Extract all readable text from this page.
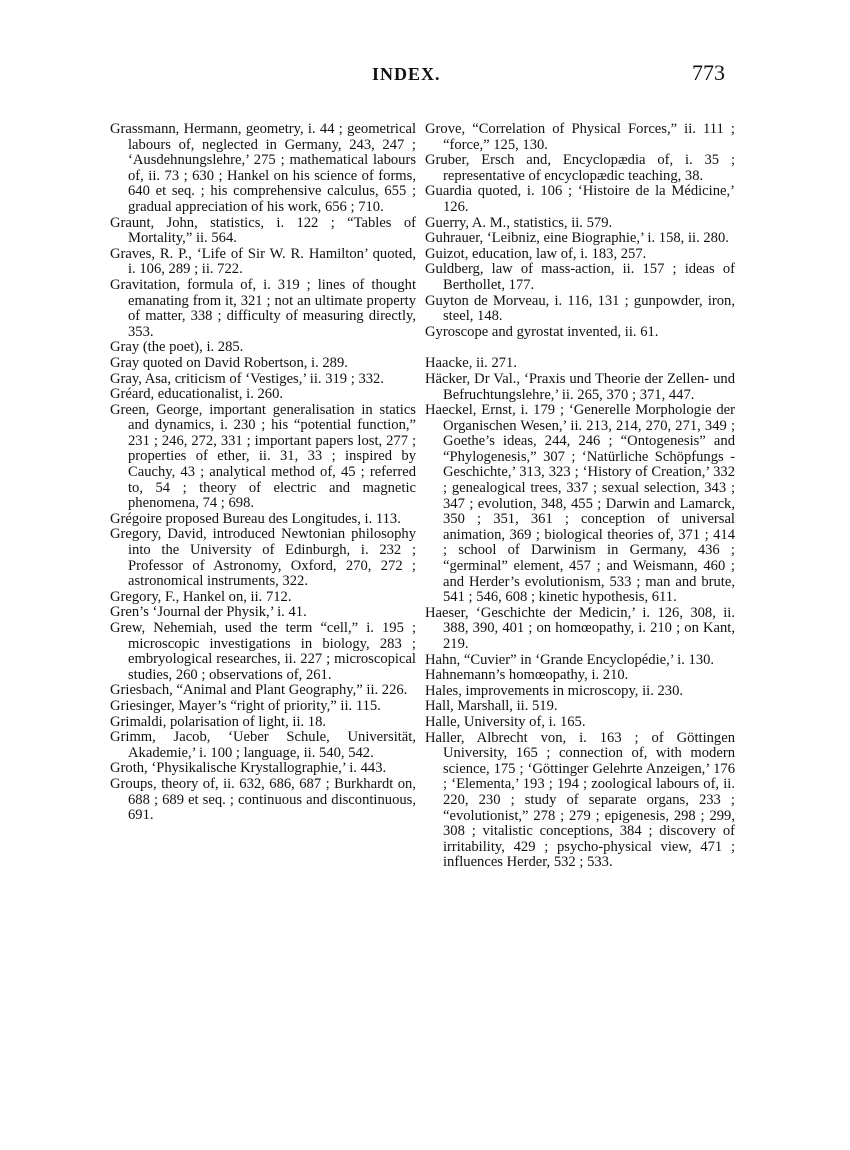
INDEX.	773

Grassmann, Hermann, geometry, i. 44 ; geometrical labours of, neglected in Germany, 243, 247 ; ‘Ausdehnungslehre,’ 275 ; mathematical labours of, ii. 73 ; 630 ; Hankel on his science of forms, 640 et seq. ; his comprehensive calculus, 655 ; gradual appreciation of his work, 656 ; 710.

Graunt, John, statistics, i. 122 ; “Tables of Mortality,” ii. 564.

Graves, R. P., ‘Life of Sir W. R. Hamilton’ quoted, i. 106, 289 ; ii. 722.

Gravitation, formula of, i. 319 ; lines of thought emanating from it, 321 ; not an ultimate property of matter, 338 ; difficulty of measuring directly, 353.

Gray (the poet), i. 285.

Gray quoted on David Robertson, i. 289.

Gray, Asa, criticism of ‘Vestiges,’ ii. 319 ; 332.

Gréard, educationalist, i. 260.

Green, George, important generalisation in statics and dynamics, i. 230 ; his “potential function,” 231 ; 246, 272, 331 ; important papers lost, 277 ; properties of ether, ii. 31, 33 ; inspired by Cauchy, 43 ; analytical method of, 45 ; referred to, 54 ; theory of electric and magnetic phenomena, 74 ; 698.

Grégoire proposed Bureau des Longitudes, i. 113.

Gregory, David, introduced Newtonian philosophy into the University of Edinburgh, i. 232 ; Professor of Astronomy, Oxford, 270, 272 ; astronomical instruments, 322.

Gregory, F., Hankel on, ii. 712.

Gren’s ‘Journal der Physik,’ i. 41.

Grew, Nehemiah, used the term “cell,” i. 195 ; microscopic investigations in biology, 283 ; embryological researches, ii. 227 ; microscopical studies, 260 ; observations of, 261.

Griesbach, “Animal and Plant Geography,” ii. 226.

Griesinger, Mayer’s “right of priority,” ii. 115.

Grimaldi, polarisation of light, ii. 18.

Grimm, Jacob, ‘Ueber Schule, Universität, Akademie,’ i. 100 ; language, ii. 540, 542.

Groth, ‘Physikalische Krystallographie,’ i. 443.

Groups, theory of, ii. 632, 686, 687 ; Burkhardt on, 688 ; 689 et seq. ; continuous and discontinuous, 691.

Grove, “Correlation of Physical Forces,” ii. 111 ; “force,” 125, 130.

Gruber, Ersch and, Encyclopædia of, i. 35 ; representative of encyclopædic teaching, 38.

Guardia quoted, i. 106 ; ‘Histoire de la Médicine,’ 126.

Guerry, A. M., statistics, ii. 579.

Guhrauer, ‘Leibniz, eine Biographie,’ i. 158, ii. 280.

Guizot, education, law of, i. 183, 257.

Guldberg, law of mass-action, ii. 157 ; ideas of Berthollet, 177.

Guyton de Morveau, i. 116, 131 ; gunpowder, iron, steel, 148.

Gyroscope and gyrostat invented, ii. 61.

Haacke, ii. 271.

Häcker, Dr Val., ‘Praxis und Theorie der Zellen- und Befruchtungslehre,’ ii. 265, 370 ; 371, 447.

Haeckel, Ernst, i. 179 ; ‘Generelle Morphologie der Organischen Wesen,’ ii. 213, 214, 270, 271, 349 ; Goethe’s ideas, 244, 246 ; “Ontogenesis” and “Phylogenesis,” 307 ; ‘Natürliche Schöpfungs - Geschichte,’ 313, 323 ; ‘History of Creation,’ 332 ; genealogical trees, 337 ; sexual selection, 343 ; 347 ; evolution, 348, 455 ; Darwin and Lamarck, 350 ; 351, 361 ; conception of universal animation, 369 ; biological theories of, 371 ; 414 ; school of Darwinism in Germany, 436 ; “germinal” element, 457 ; and Weismann, 460 ; and Herder’s evolutionism, 533 ; man and brute, 541 ; 546, 608 ; kinetic hypothesis, 611.

Haeser, ‘Geschichte der Medicin,’ i. 126, 308, ii. 388, 390, 401 ; on homœopathy, i. 210 ; on Kant, 219.

Hahn, “Cuvier” in ‘Grande Encyclopédie,’ i. 130.

Hahnemann’s homœopathy, i. 210.

Hales, improvements in microscopy, ii. 230.

Hall, Marshall, ii. 519.

Halle, University of, i. 165.

Haller, Albrecht von, i. 163 ; of Göttingen University, 165 ; connection of, with modern science, 175 ; ‘Göttinger Gelehrte Anzeigen,’ 176 ; ‘Elementa,’ 193 ; 194 ; zoological labours of, ii. 220, 230 ; study of separate organs, 233 ; “evolutionist,” 278 ; 279 ; epigenesis, 298 ; 299, 308 ; vitalistic conceptions, 384 ; discovery of irritability, 429 ; psycho-physical view, 471 ; influences Herder, 532 ; 533.
